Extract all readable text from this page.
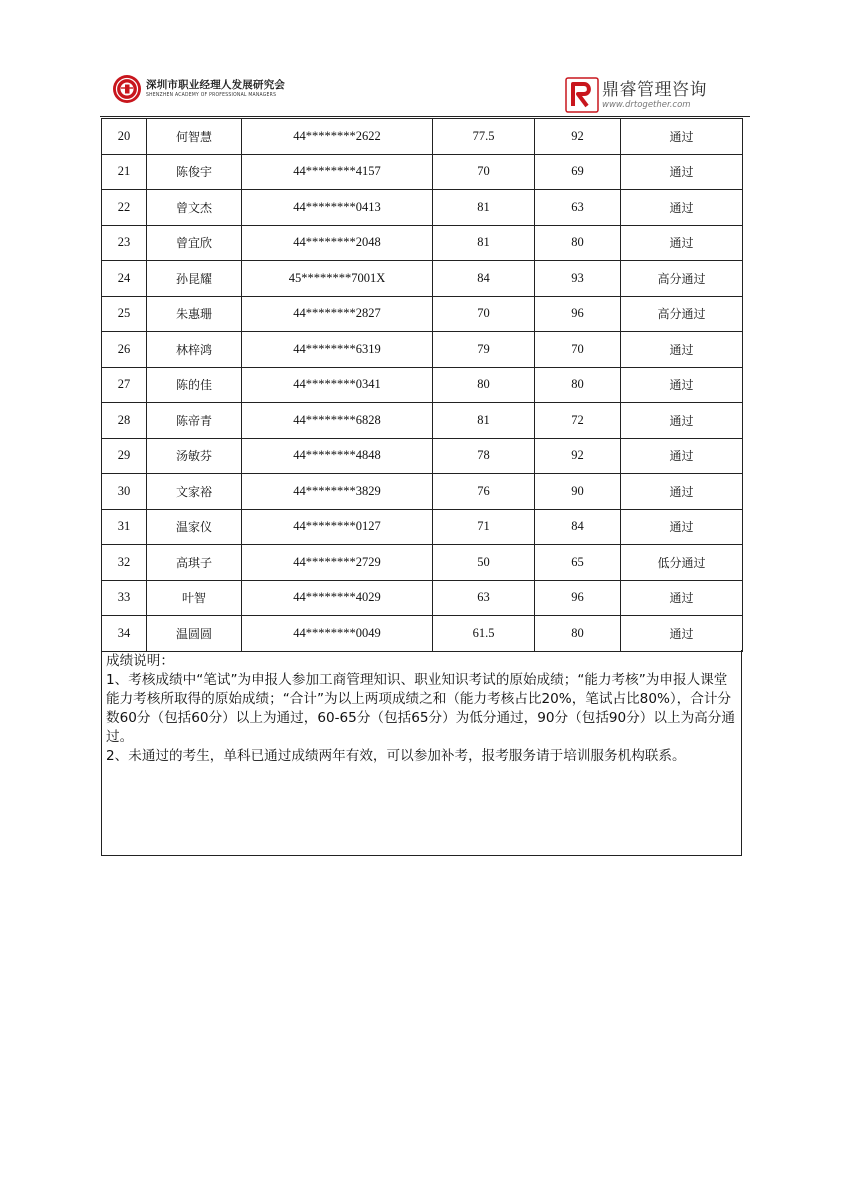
深圳市职业经理人发展研究会
SHENZHEN ACADEMY OF PROFESSIONAL MANAGERS	鼎睿管理咨询
www.drtogether.com
20	何智慧	44********2622	77.5	92	通过
21	陈俊宇	44********4157	70	69	通过
22	曾文杰	44********0413	81	63	通过
23	曾宜欣	44********2048	81	80	通过
24	孙昆耀	45********7001X	84	93	高分通过
25	朱惠珊	44********2827	70	96	高分通过
26	林梓鸿	44********6319	79	70	通过
27	陈的佳	44********0341	80	80	通过
28	陈帝青	44********6828	81	72	通过
29	汤敏芬	44********4848	78	92	通过
30	文家裕	44********3829	76	90	通过
31	温家仪	44********0127	71	84	通过
32	高琪子	44********2729	50	65	低分通过
33	叶智	44********4029	63	96	通过
34	温圆圆	44********0049	61.5	80	通过

成绩说明：

1、考核成绩中“笔试”为申报人参加工商管理知识、职业知识考试的原始成绩；“能力考核”为申报人课堂能力考核所取得的原始成绩；“合计”为以上两项成绩之和（能力考核占比20%，笔试占比80%），合计分数60分（包括60分）以上为通过，60-65分（包括65分）为低分通过，90分（包括90分）以上为高分通过。

2、未通过的考生，单科已通过成绩两年有效，可以参加补考，报考服务请于培训服务机构联系。
